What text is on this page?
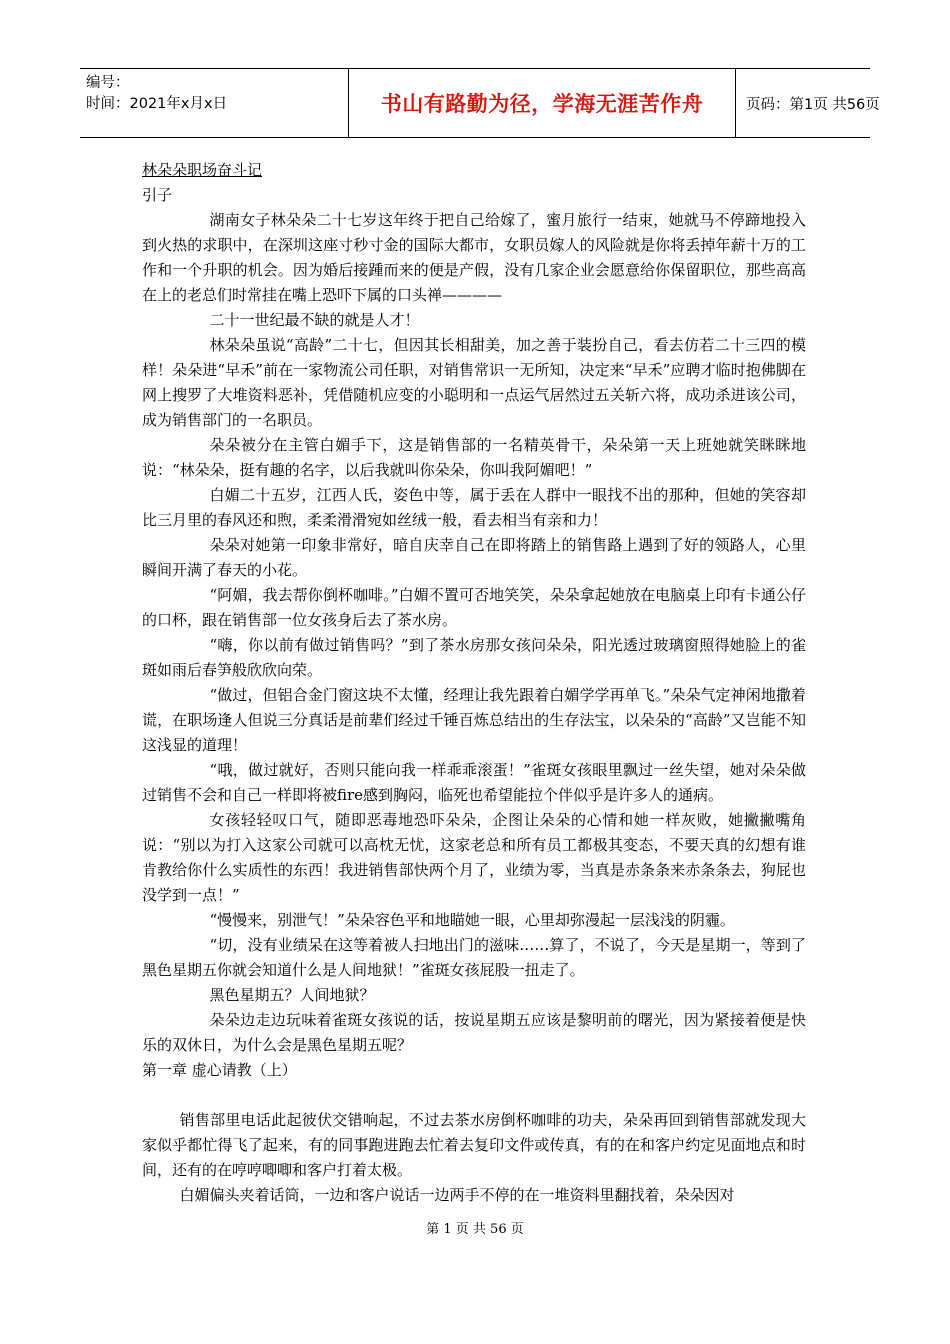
编号：
时间：2021年x月x日	书山有路勤为径，学海无涯苦作舟	页码：第1页 共56页

林朵朵职场奋斗记

引子

湖南女子林朵朵二十七岁这年终于把自己给嫁了，蜜月旅行一结束，她就马不停蹄地投入到火热的求职中，在深圳这座寸秒寸金的国际大都市，女职员嫁人的风险就是你将丢掉年薪十万的工作和一个升职的机会。因为婚后接踵而来的便是产假，没有几家企业会愿意给你保留职位，那些高高在上的老总们时常挂在嘴上恐吓下属的口头禅————

二十一世纪最不缺的就是人才！

林朵朵虽说“高龄”二十七，但因其长相甜美，加之善于装扮自己，看去仿若二十三四的模样！朵朵进“早禾”前在一家物流公司任职，对销售常识一无所知，决定来“早禾”应聘才临时抱佛脚在网上搜罗了大堆资料恶补，凭借随机应变的小聪明和一点运气居然过五关斩六将，成功杀进该公司，成为销售部门的一名职员。

朵朵被分在主管白媚手下，这是销售部的一名精英骨干，朵朵第一天上班她就笑眯眯地说：“林朵朵，挺有趣的名字，以后我就叫你朵朵，你叫我阿媚吧！”

白媚二十五岁，江西人氏，姿色中等，属于丢在人群中一眼找不出的那种，但她的笑容却比三月里的春风还和煦，柔柔滑滑宛如丝绒一般，看去相当有亲和力！

朵朵对她第一印象非常好，暗自庆幸自己在即将踏上的销售路上遇到了好的领路人，心里瞬间开满了春天的小花。

“阿媚，我去帮你倒杯咖啡。”白媚不置可否地笑笑，朵朵拿起她放在电脑桌上印有卡通公仔的口杯，跟在销售部一位女孩身后去了茶水房。

“嗨，你以前有做过销售吗？”到了茶水房那女孩问朵朵，阳光透过玻璃窗照得她脸上的雀斑如雨后春笋般欣欣向荣。

“做过，但铝合金门窗这块不太懂，经理让我先跟着白媚学学再单飞。”朵朵气定神闲地撒着谎，在职场逢人但说三分真话是前辈们经过千锤百炼总结出的生存法宝，以朵朵的“高龄”又岂能不知这浅显的道理！

“哦，做过就好，否则只能向我一样乖乖滚蛋！”雀斑女孩眼里飘过一丝失望，她对朵朵做过销售不会和自己一样即将被fire感到胸闷，临死也希望能拉个伴似乎是许多人的通病。

女孩轻轻叹口气，随即恶毒地恐吓朵朵，企图让朵朵的心情和她一样灰败，她撇撇嘴角说：“别以为打入这家公司就可以高枕无忧，这家老总和所有员工都极其变态，不要天真的幻想有谁肯教给你什么实质性的东西！我进销售部快两个月了，业绩为零，当真是赤条条来赤条条去，狗屁也没学到一点！”

“慢慢来，别泄气！”朵朵容色平和地瞄她一眼，心里却弥漫起一层浅浅的阴霾。

“切，没有业绩呆在这等着被人扫地出门的滋味……算了，不说了，今天是星期一，等到了黑色星期五你就会知道什么是人间地狱！”雀斑女孩屁股一扭走了。

黑色星期五？人间地狱？

朵朵边走边玩味着雀斑女孩说的话，按说星期五应该是黎明前的曙光，因为紧接着便是快乐的双休日，为什么会是黑色星期五呢？

第一章 虚心请教（上）

销售部里电话此起彼伏交错响起，不过去茶水房倒杯咖啡的功夫，朵朵再回到销售部就发现大家似乎都忙得飞了起来，有的同事跑进跑去忙着去复印文件或传真，有的在和客户约定见面地点和时间，还有的在哼哼唧唧和客户打着太极。

白媚偏头夹着话筒，一边和客户说话一边两手不停的在一堆资料里翻找着，朵朵因对

第 1 页 共 56 页
